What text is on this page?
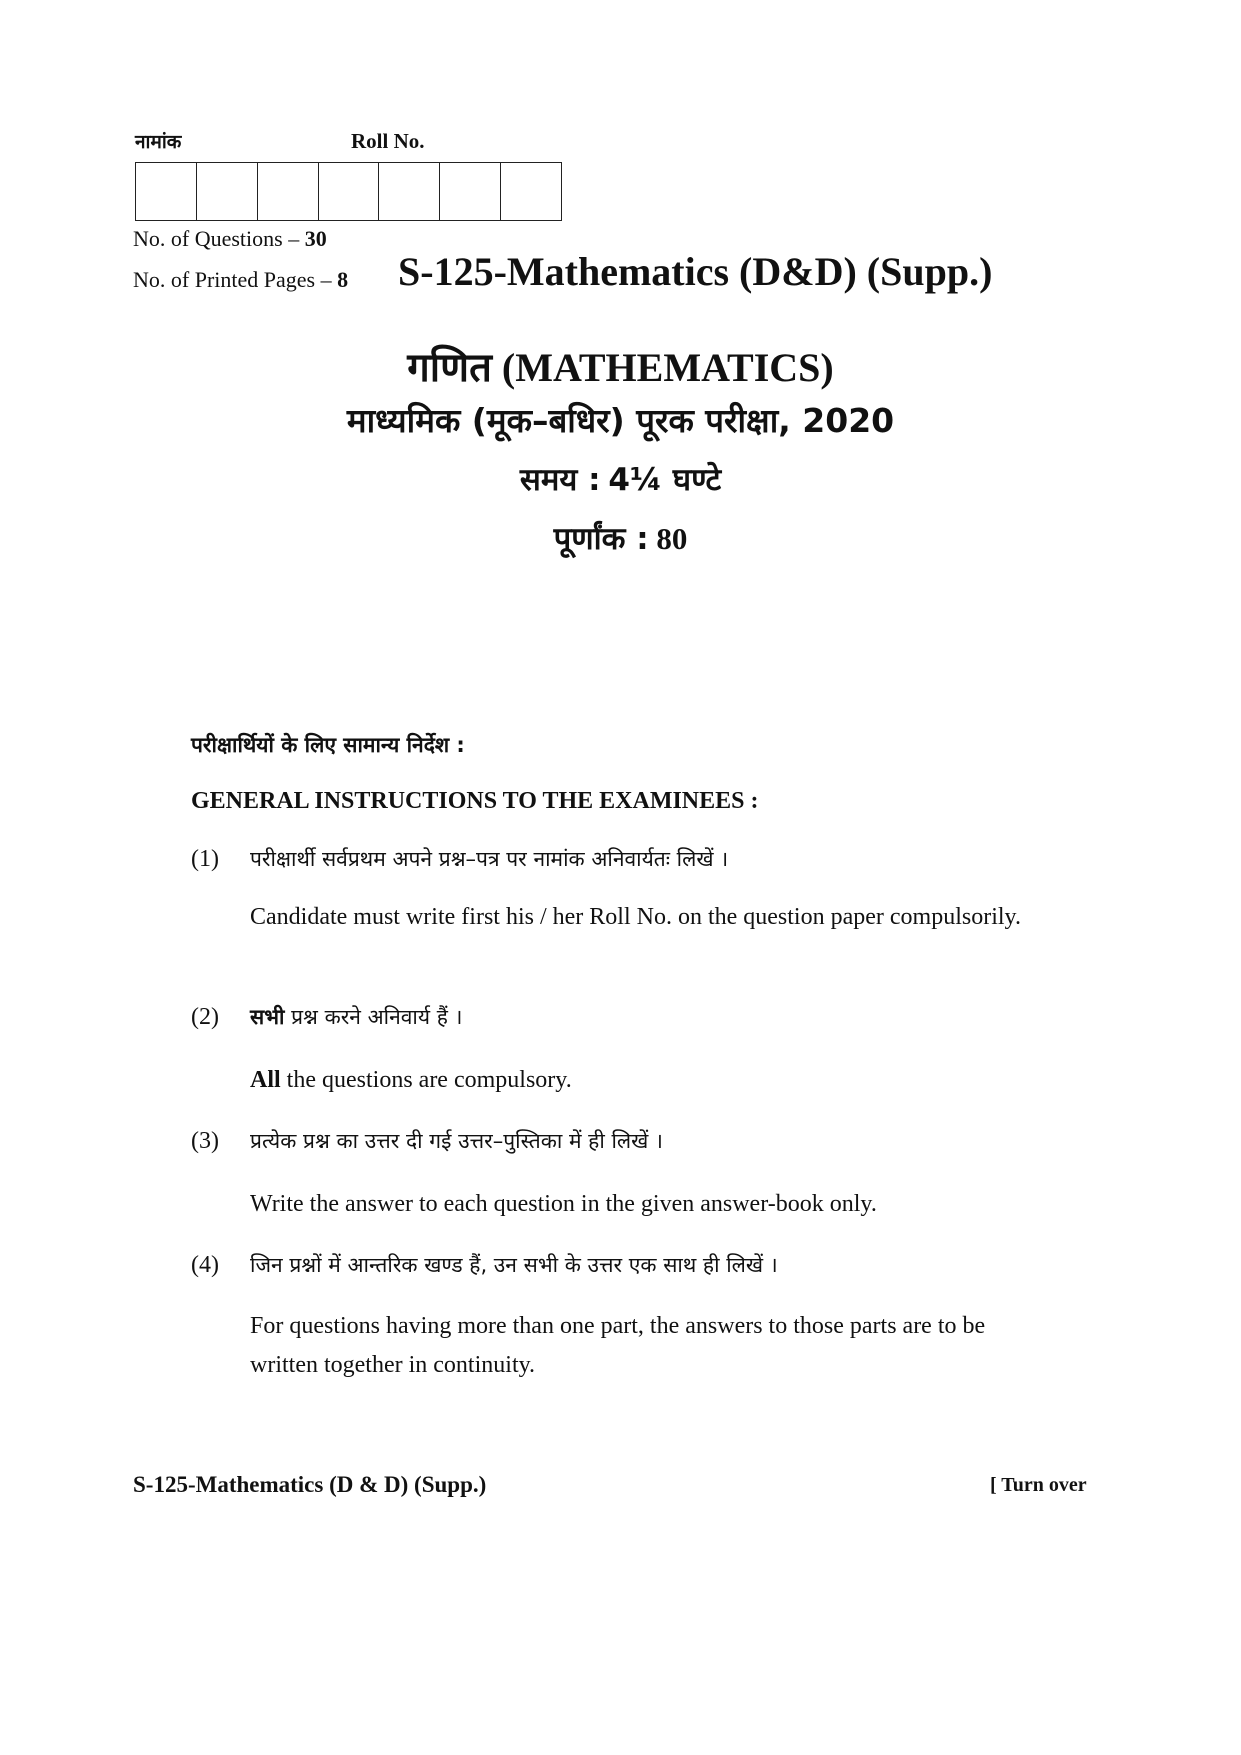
नामांक	Roll No.
No. of Questions – 30
No. of Printed Pages – 8 S-125-Mathematics (D&D) (Supp.)
गणित (MATHEMATICS)
माध्यमिक (मूक–बधिर) पूरक परीक्षा, 2020
समय : 4¼ घण्टे
पूर्णांक : 80
परीक्षार्थियों के लिए सामान्य निर्देश :
GENERAL INSTRUCTIONS TO THE EXAMINEES :
(1) परीक्षार्थी सर्वप्रथम अपने प्रश्न–पत्र पर नामांक अनिवार्यतः लिखें ।
Candidate must write first his / her Roll No. on the question paper compulsorily.
(2) सभी प्रश्न करने अनिवार्य हैं ।
All the questions are compulsory.
(3) प्रत्येक प्रश्न का उत्तर दी गई उत्तर–पुस्तिका में ही लिखें ।
Write the answer to each question in the given answer-book only.
(4) जिन प्रश्नों में आन्तरिक खण्ड हैं, उन सभी के उत्तर एक साथ ही लिखें ।
For questions having more than one part, the answers to those parts are to be written together in continuity.
S-125-Mathematics (D & D) (Supp.)	[ Turn over
